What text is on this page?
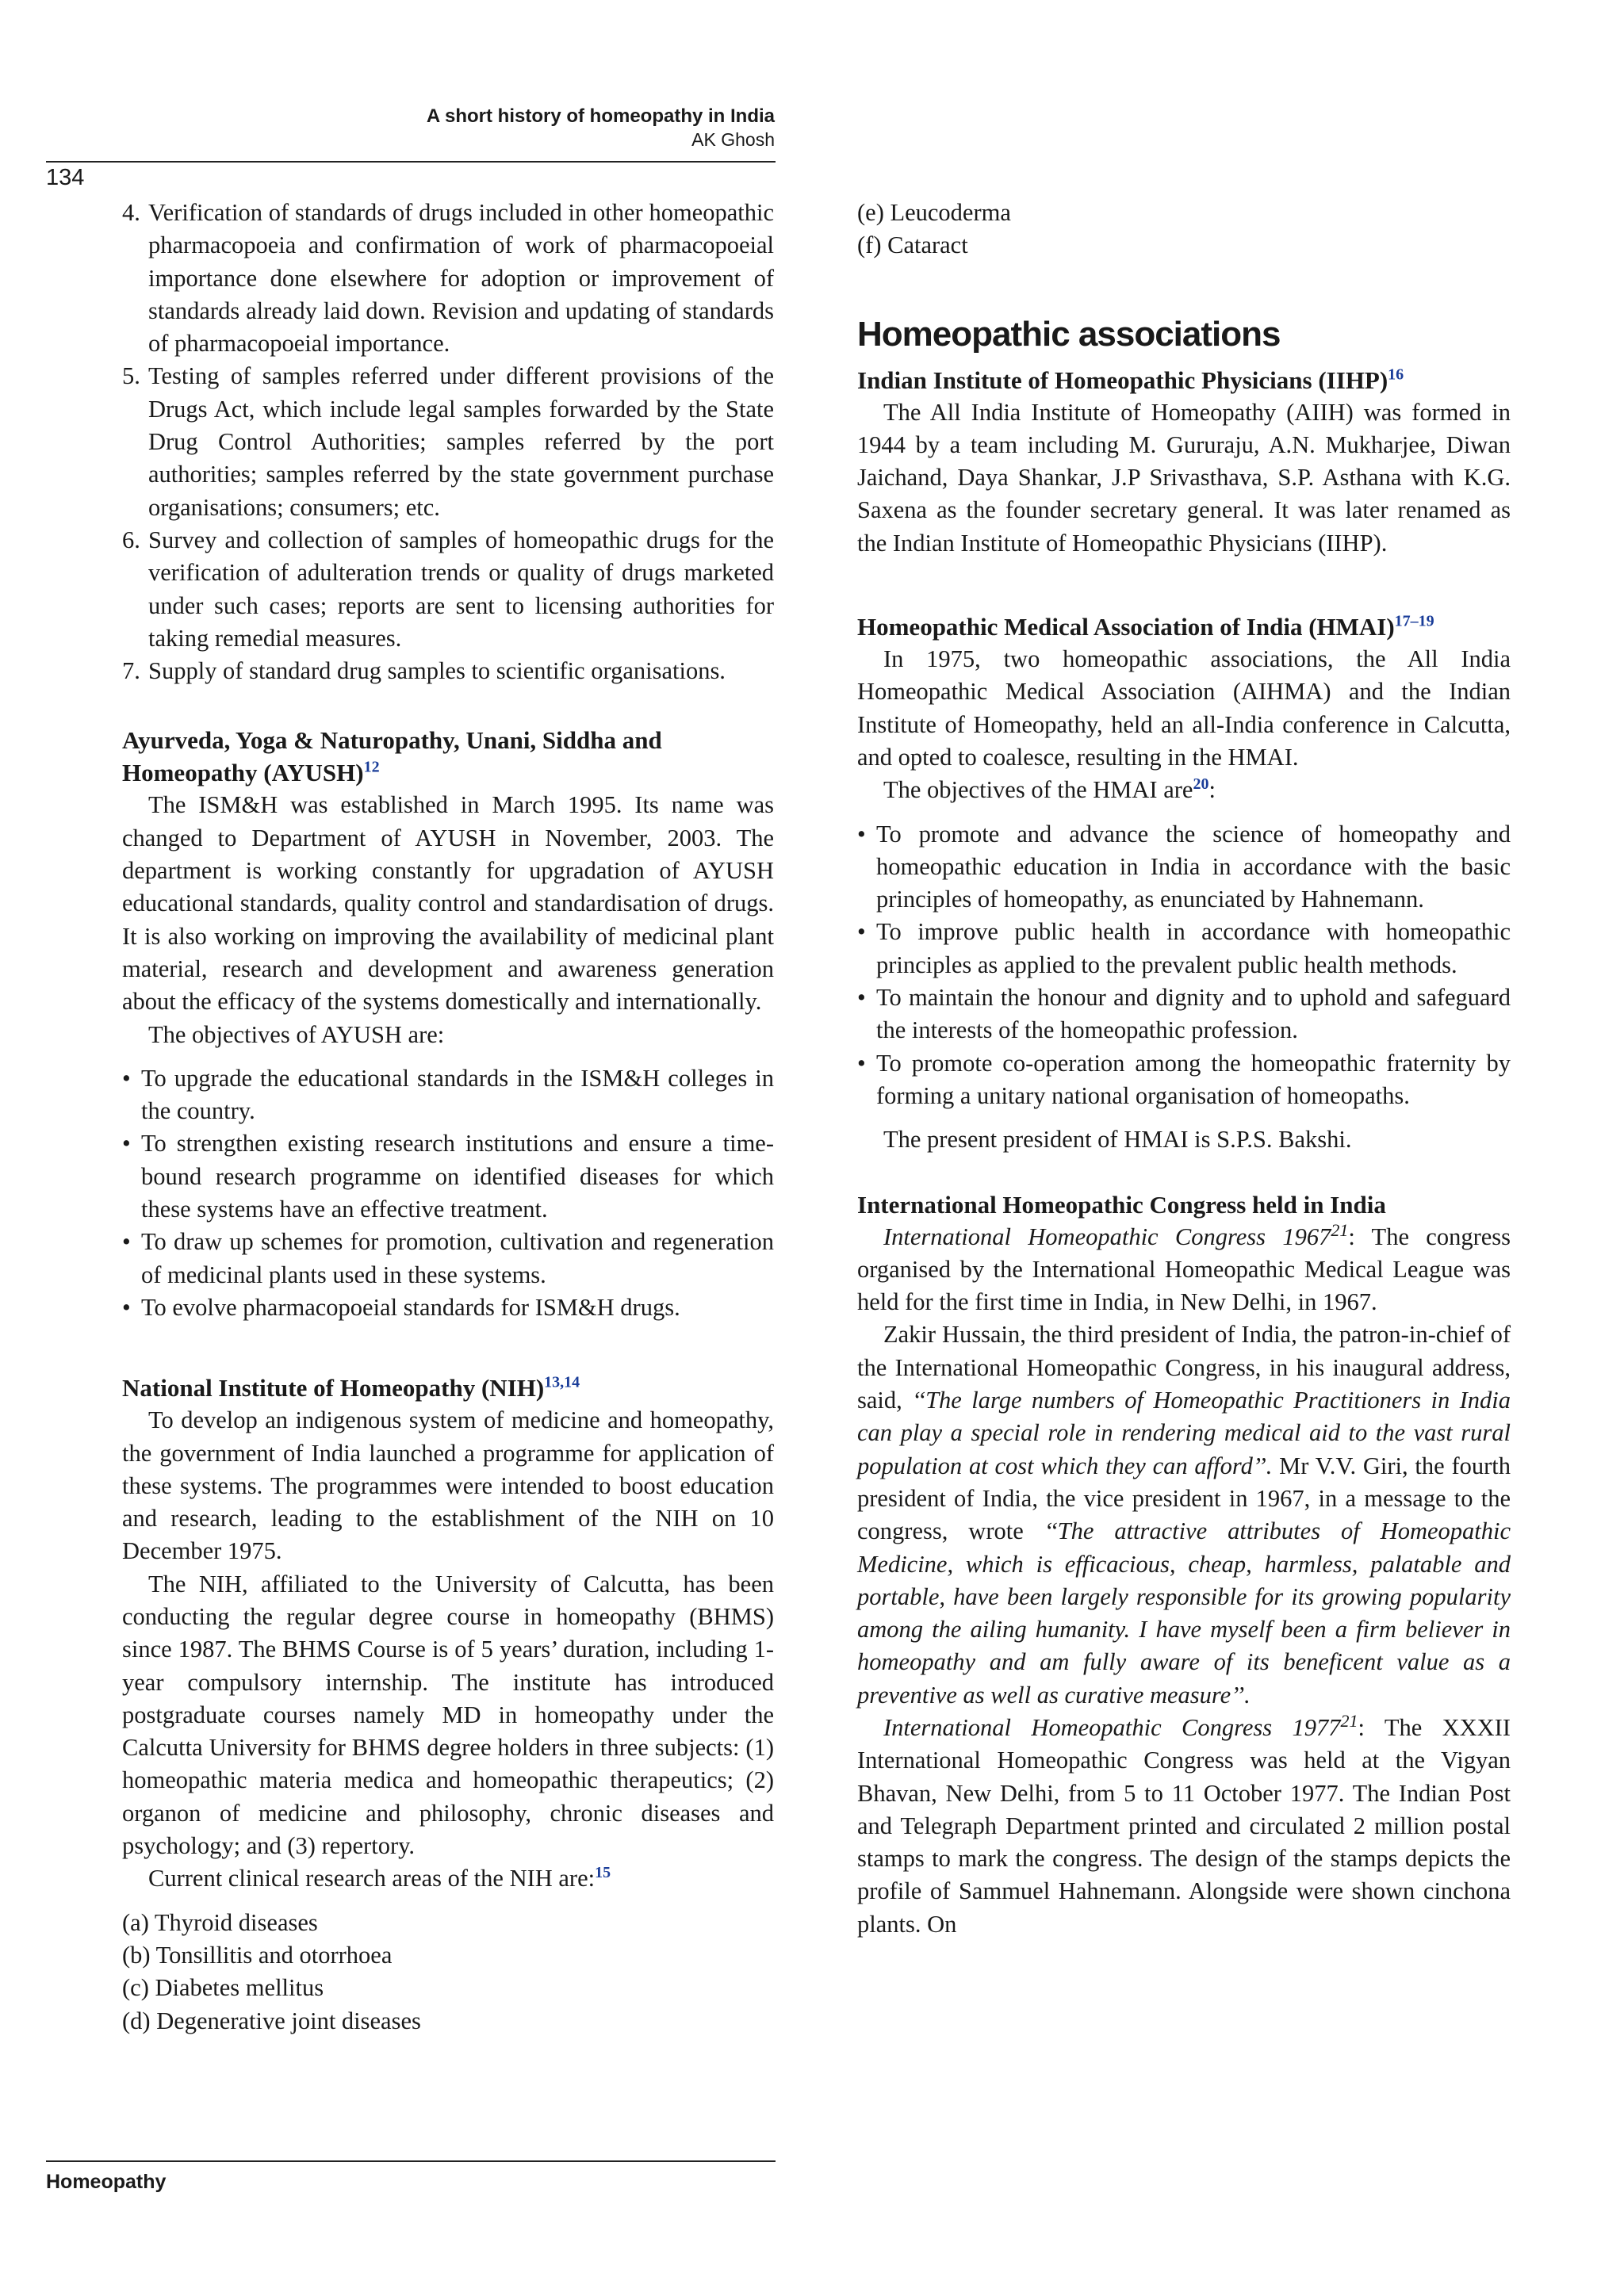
A short history of homeopathy in India
AK Ghosh
134
4. Verification of standards of drugs included in other homeopathic pharmacopoeia and confirmation of work of pharmacopoeial importance done elsewhere for adoption or improvement of standards already laid down. Revision and updating of standards of pharmacopoeial importance.
5. Testing of samples referred under different provisions of the Drugs Act, which include legal samples forwarded by the State Drug Control Authorities; samples referred by the port authorities; samples referred by the state government purchase organisations; consumers; etc.
6. Survey and collection of samples of homeopathic drugs for the verification of adulteration trends or quality of drugs marketed under such cases; reports are sent to licensing authorities for taking remedial measures.
7. Supply of standard drug samples to scientific organisations.
Ayurveda, Yoga & Naturopathy, Unani, Siddha and Homeopathy (AYUSH)$^{12}$

The ISM&H was established in March 1995. Its name was changed to Department of AYUSH in November, 2003. The department is working constantly for upgradation of AYUSH educational standards, quality control and standardisation of drugs. It is also working on improving the availability of medicinal plant material, research and development and awareness generation about the efficacy of the systems domestically and internationally.

The objectives of AYUSH are:

• To upgrade the educational standards in the ISM&H colleges in the country.
• To strengthen existing research institutions and ensure a time-bound research programme on identified diseases for which these systems have an effective treatment.
• To draw up schemes for promotion, cultivation and regeneration of medicinal plants used in these systems.
• To evolve pharmacopoeial standards for ISM&H drugs.
National Institute of Homeopathy (NIH)$^{13,14}$

To develop an indigenous system of medicine and homeopathy, the government of India launched a programme for application of these systems. The programmes were intended to boost education and research, leading to the establishment of the NIH on 10 December 1975.

The NIH, affiliated to the University of Calcutta, has been conducting the regular degree course in homeopathy (BHMS) since 1987. The BHMS Course is of 5 years’ duration, including 1-year compulsory internship. The institute has introduced postgraduate courses namely MD in homeopathy under the Calcutta University for BHMS degree holders in three subjects: (1) homeopathic materia medica and homeopathic therapeutics; (2) organon of medicine and philosophy, chronic diseases and psychology; and (3) repertory.

Current clinical research areas of the NIH are:$^{15}$

(a) Thyroid diseases
(b) Tonsillitis and otorrhoea
(c) Diabetes mellitus
(d) Degenerative joint diseases
(e) Leucoderma
(f) Cataract
Homeopathic associations
Indian Institute of Homeopathic Physicians (IIHP)$^{16}$

The All India Institute of Homeopathy (AIIH) was formed in 1944 by a team including M. Gururaju, A.N. Mukharjee, Diwan Jaichand, Daya Shankar, J.P Srivasthava, S.P. Asthana with K.G. Saxena as the founder secretary general. It was later renamed as the Indian Institute of Homeopathic Physicians (IIHP).

Homeopathic Medical Association of India (HMAI)$^{17-19}$

In 1975, two homeopathic associations, the All India Homeopathic Medical Association (AIHMA) and the Indian Institute of Homeopathy, held an all-India conference in Calcutta, and opted to coalesce, resulting in the HMAI.

The objectives of the HMAI are$^{20}$:

• To promote and advance the science of homeopathy and homeopathic education in India in accordance with the basic principles of homeopathy, as enunciated by Hahnemann.
• To improve public health in accordance with homeopathic principles as applied to the prevalent public health methods.
• To maintain the honour and dignity and to uphold and safeguard the interests of the homeopathic profession.
• To promote co-operation among the homeopathic fraternity by forming a unitary national organisation of homeopaths.

The present president of HMAI is S.P.S. Bakshi.

International Homeopathic Congress held in India

International Homeopathic Congress 1967$^{21}$: The congress organised by the International Homeopathic Medical League was held for the first time in India, in New Delhi, in 1967.

Zakir Hussain, the third president of India, the patron-in-chief of the International Homeopathic Congress, in his inaugural address, said, ‘‘The large numbers of Homeopathic Practitioners in India can play a special role in rendering medical aid to the vast rural population at cost which they can afford’’. Mr V.V. Giri, the fourth president of India, the vice president in 1967, in a message to the congress, wrote ‘‘The attractive attributes of Homeopathic Medicine, which is efficacious, cheap, harmless, palatable and portable, have been largely responsible for its growing popularity among the ailing humanity. I have myself been a firm believer in homeopathy and am fully aware of its beneficent value as a preventive as well as curative measure’’.

International Homeopathic Congress 1977$^{21}$: The XXXII International Homeopathic Congress was held at the Vigyan Bhavan, New Delhi, from 5 to 11 October 1977. The Indian Post and Telegraph Department printed and circulated 2 million postal stamps to mark the congress. The design of the stamps depicts the profile of Sammuel Hahnemann. Alongside were shown cinchona plants. On

Homeopathy
